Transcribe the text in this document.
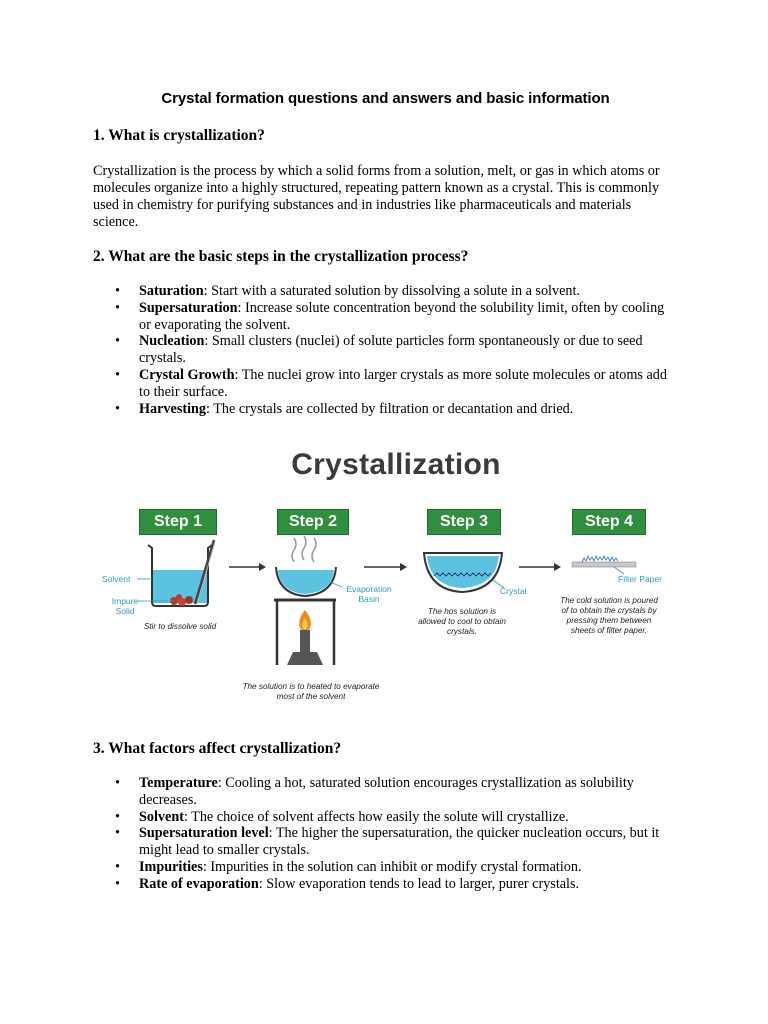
Crystal formation questions and answers and basic information
1. What is crystallization?

Crystallization is the process by which a solid forms from a solution, melt, or gas in which atoms or molecules organize into a highly structured, repeating pattern known as a crystal. This is commonly used in chemistry for purifying substances and in industries like pharmaceuticals and materials science.

2. What are the basic steps in the crystallization process?
• Saturation: Start with a saturated solution by dissolving a solute in a solvent.
• Supersaturation: Increase solute concentration beyond the solubility limit, often by cooling or evaporating the solvent.
• Nucleation: Small clusters (nuclei) of solute particles form spontaneously or due to seed crystals.
• Crystal Growth: The nuclei grow into larger crystals as more solute molecules or atoms add to their surface.
• Harvesting: The crystals are collected by filtration or decantation and dried.
3. What factors affect crystallization?
• Temperature: Cooling a hot, saturated solution encourages crystallization as solubility decreases.
• Solvent: The choice of solvent affects how easily the solute will crystallize.
• Supersaturation level: The higher the supersaturation, the quicker nucleation occurs, but it might lead to smaller crystals.
• Impurities: Impurities in the solution can inhibit or modify crystal formation.
• Rate of evaporation: Slow evaporation tends to lead to larger, purer crystals.
Crystallization
Step 1	Step 2	Step 3	Step 4
Solvent
Impure Solid
Evaporation Basin
Crystal
Filter Paper
Stir to dissolve solid
The solution is to heated to evaporate most of the solvent
The hos solution is allowed to cool to obtain crystals.
The cold solution is poured of to obtain the crystals by pressing them between sheets of filter paper.
